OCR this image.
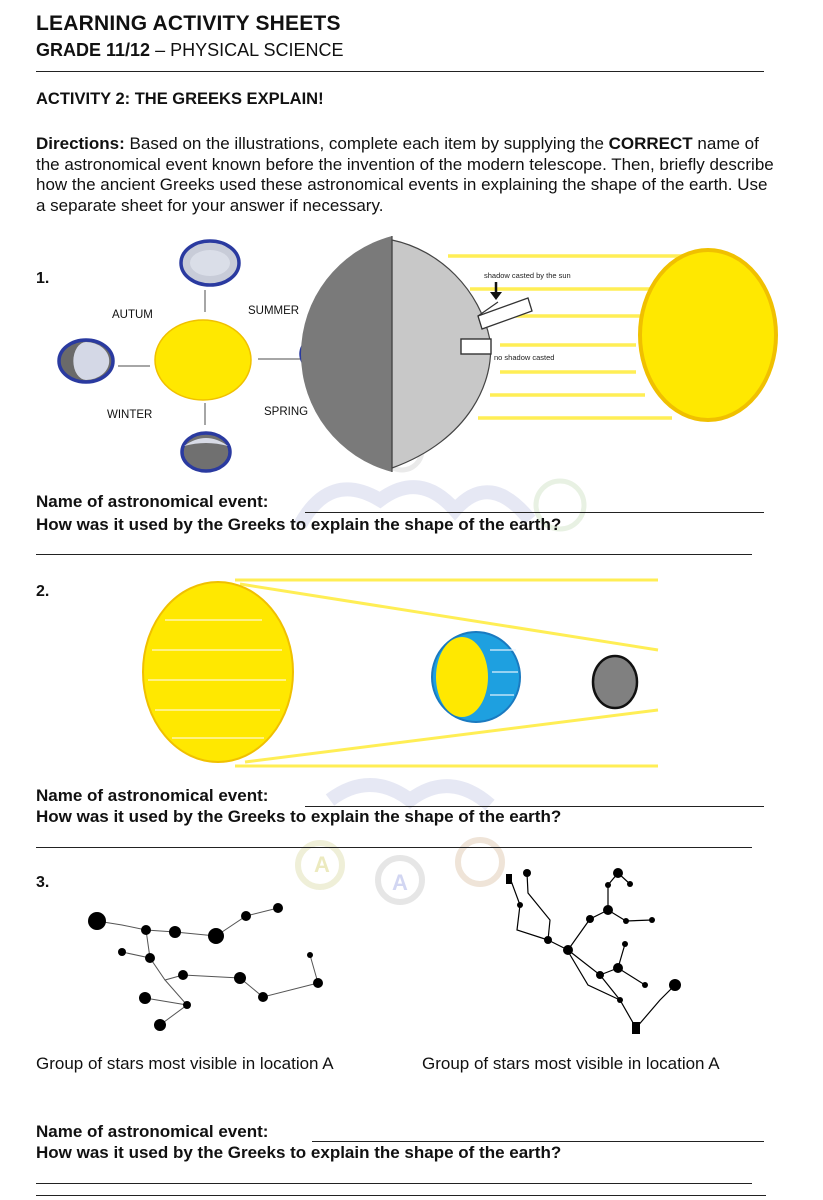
LEARNING ACTIVITY SHEETS
GRADE 11/12 – PHYSICAL SCIENCE
ACTIVITY 2: THE GREEKS EXPLAIN!
Directions: Based on the illustrations, complete each item by supplying the CORRECT name of the astronomical event known before the invention of the modern telescope. Then, briefly describe how the ancient Greeks used these astronomical events in explaining the shape of the earth. Use a separate sheet for your answer if necessary.
A
A
1.
AUTUM	SUMMER
WINTER	SPRING
shadow casted by the sun
no shadow casted
Name of astronomical event:
How was it used by the Greeks to explain the shape of the earth?
2.
Name of astronomical event:
How was it used by the Greeks to explain the shape of the earth?
3.
Group of stars most visible in location A	Group of stars most visible in location A
Name of astronomical event:
How was it used by the Greeks to explain the shape of the earth?
